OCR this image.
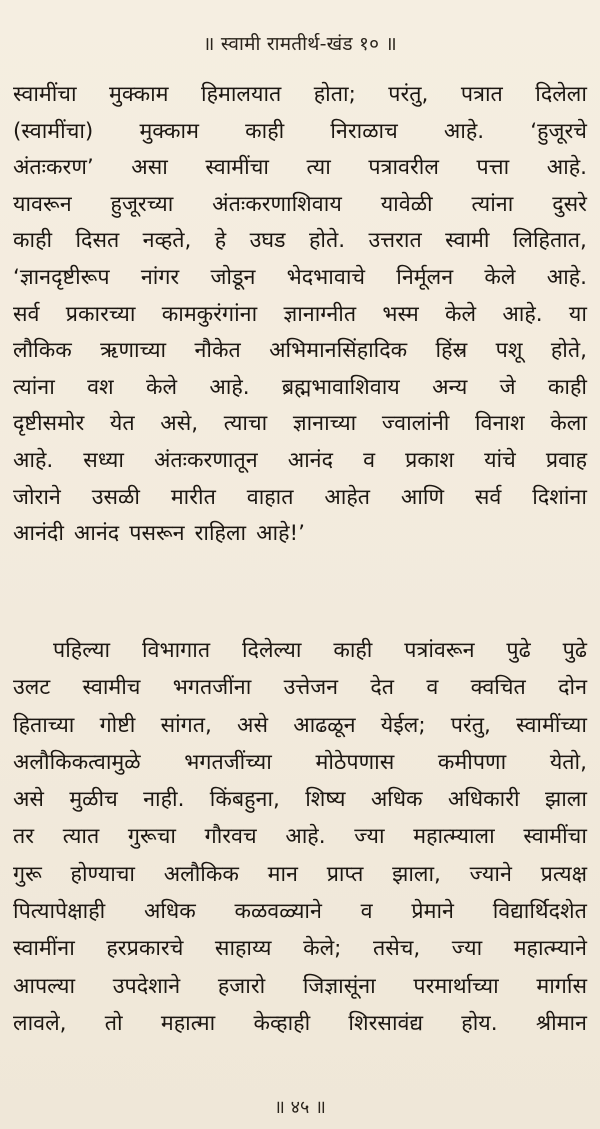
॥ स्वामी रामतीर्थ-खंड १० ॥
स्वामींचा मुक्काम हिमालयात होता; परंतु, पत्रात दिलेला
(स्वामींचा) मुक्काम काही निराळाच आहे. ‘हुजूरचे
अंतःकरण’ असा स्वामींचा त्या पत्रावरील पत्ता आहे.
यावरून हुजूरच्या अंतःकरणाशिवाय यावेळी त्यांना दुसरे
काही दिसत नव्हते, हे उघड होते. उत्तरात स्वामी लिहितात,
‘ज्ञानदृष्टीरूप नांगर जोडून भेदभावाचे निर्मूलन केले आहे.
सर्व प्रकारच्या कामकुरंगांना ज्ञानाग्नीत भस्म केले आहे. या
लौकिक ऋणाच्या नौकेत अभिमानसिंहादिक हिंस्र पशू होते,
त्यांना वश केले आहे. ब्रह्मभावाशिवाय अन्य जे काही
दृष्टीसमोर येत असे, त्याचा ज्ञानाच्या ज्वालांनी विनाश केला
आहे. सध्या अंतःकरणातून आनंद व प्रकाश यांचे प्रवाह
जोराने उसळी मारीत वाहात आहेत आणि सर्व दिशांना
आनंदी आनंद पसरून राहिला आहे!’
पहिल्या विभागात दिलेल्या काही पत्रांवरून पुढे पुढे
उलट स्वामीच भगतजींना उत्तेजन देत व क्वचित दोन
हिताच्या गोष्टी सांगत, असे आढळून येईल; परंतु, स्वामींच्या
अलौकिकत्वामुळे भगतजींच्या मोठेपणास कमीपणा येतो,
असे मुळीच नाही. किंबहुना, शिष्य अधिक अधिकारी झाला
तर त्यात गुरूचा गौरवच आहे. ज्या महात्म्याला स्वामींचा
गुरू होण्याचा अलौकिक मान प्राप्त झाला, ज्याने प्रत्यक्ष
पित्यापेक्षाही अधिक कळवळ्याने व प्रेमाने विद्यार्थिदशेत
स्वामींना हरप्रकारचे साहाय्य केले; तसेच, ज्या महात्म्याने
आपल्या उपदेशाने हजारो जिज्ञासूंना परमार्थाच्या मार्गास
लावले, तो महात्मा केव्हाही शिरसावंद्य होय. श्रीमान
॥ ४५ ॥
